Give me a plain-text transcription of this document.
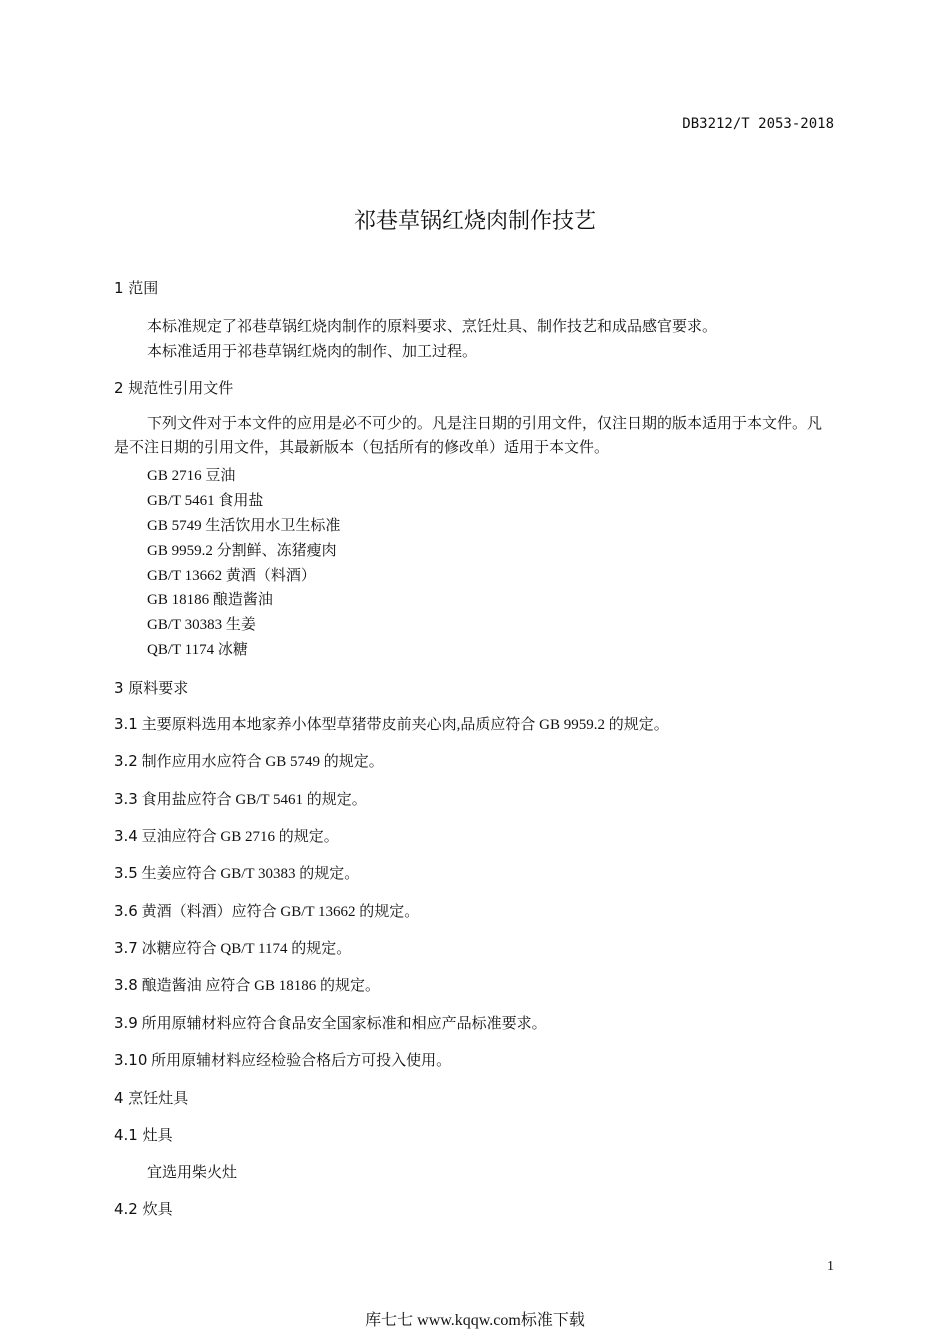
DB3212/T 2053-2018
祁巷草锅红烧肉制作技艺
1 范围
本标准规定了祁巷草锅红烧肉制作的原料要求、烹饪灶具、制作技艺和成品感官要求。
本标准适用于祁巷草锅红烧肉的制作、加工过程。
2 规范性引用文件
下列文件对于本文件的应用是必不可少的。凡是注日期的引用文件，仅注日期的版本适用于本文件。凡是不注日期的引用文件，其最新版本（包括所有的修改单）适用于本文件。
GB 2716 豆油
GB/T 5461 食用盐
GB 5749 生活饮用水卫生标准
GB 9959.2 分割鲜、冻猪瘦肉
GB/T 13662 黄酒（料酒）
GB 18186 酿造酱油
GB/T 30383 生姜
QB/T 1174 冰糖
3 原料要求
3.1 主要原料选用本地家养小体型草猪带皮前夹心肉,品质应符合 GB 9959.2 的规定。
3.2 制作应用水应符合 GB 5749 的规定。
3.3 食用盐应符合 GB/T 5461 的规定。
3.4 豆油应符合 GB 2716 的规定。
3.5 生姜应符合 GB/T 30383 的规定。
3.6 黄酒（料酒）应符合 GB/T 13662 的规定。
3.7 冰糖应符合 QB/T 1174 的规定。
3.8 酿造酱油 应符合 GB 18186 的规定。
3.9 所用原辅材料应符合食品安全国家标准和相应产品标准要求。
3.10 所用原辅材料应经检验合格后方可投入使用。
4 烹饪灶具
4.1 灶具
宜选用柴火灶
4.2 炊具
1
库七七 www.kqqw.com标准下载
